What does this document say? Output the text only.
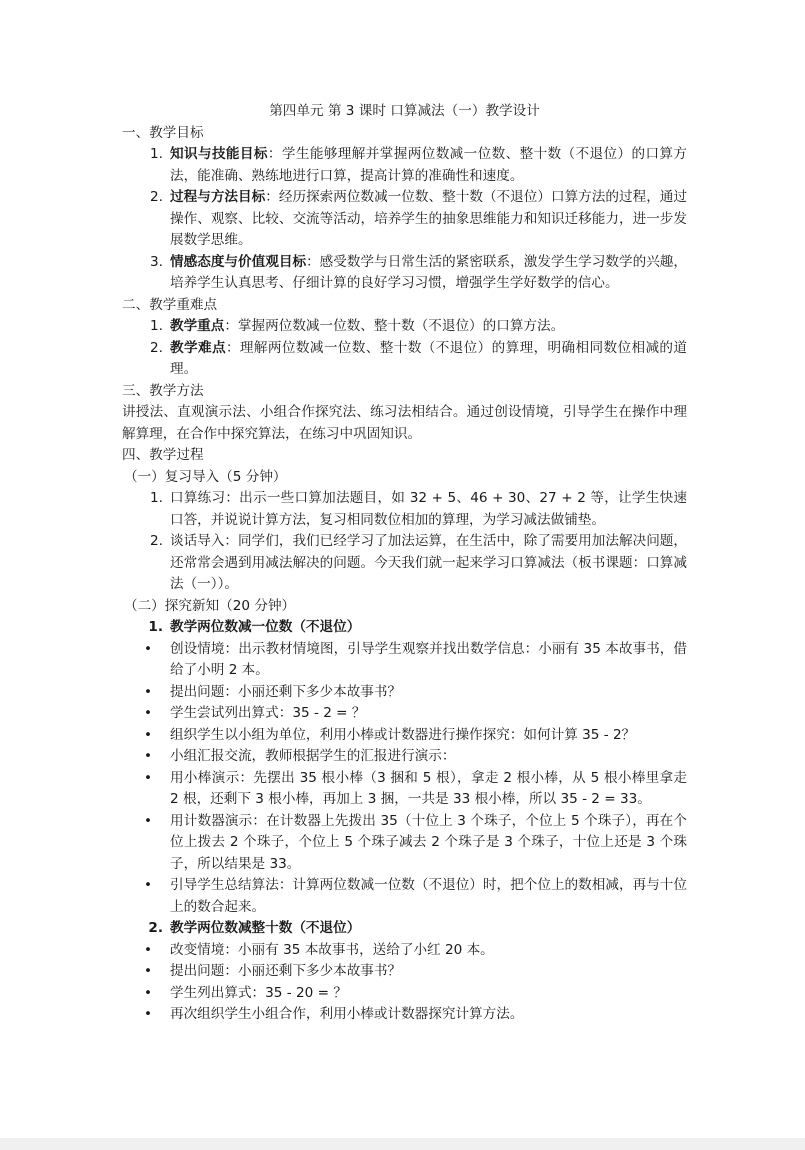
第四单元 第 3 课时 口算减法（一）教学设计
一、教学目标
1. 知识与技能目标：学生能够理解并掌握两位数减一位数、整十数（不退位）的口算方法，能准确、熟练地进行口算，提高计算的准确性和速度。
2. 过程与方法目标：经历探索两位数减一位数、整十数（不退位）口算方法的过程，通过操作、观察、比较、交流等活动，培养学生的抽象思维能力和知识迁移能力，进一步发展数学思维。
3. 情感态度与价值观目标：感受数学与日常生活的紧密联系，激发学生学习数学的兴趣，培养学生认真思考、仔细计算的良好学习习惯，增强学生学好数学的信心。
二、教学重难点
1. 教学重点：掌握两位数减一位数、整十数（不退位）的口算方法。
2. 教学难点：理解两位数减一位数、整十数（不退位）的算理，明确相同数位相减的道理。
三、教学方法
讲授法、直观演示法、小组合作探究法、练习法相结合。通过创设情境，引导学生在操作中理解算理，在合作中探究算法，在练习中巩固知识。
四、教学过程
（一）复习导入（5 分钟）
1. 口算练习：出示一些口算加法题目，如 32 + 5、46 + 30、27 + 2 等，让学生快速口答，并说说计算方法，复习相同数位相加的算理，为学习减法做铺垫。
2. 谈话导入：同学们，我们已经学习了加法运算，在生活中，除了需要用加法解决问题，还常常会遇到用减法解决的问题。今天我们就一起来学习口算减法（板书课题：口算减法（一））。
（二）探究新知（20 分钟）
1. 教学两位数减一位数（不退位）
•	创设情境：出示教材情境图，引导学生观察并找出数学信息：小丽有 35 本故事书，借给了小明 2 本。
•	提出问题：小丽还剩下多少本故事书？
•	学生尝试列出算式：35 - 2 = ？
•	组织学生以小组为单位，利用小棒或计数器进行操作探究：如何计算 35 - 2？
•	小组汇报交流，教师根据学生的汇报进行演示：
•	用小棒演示：先摆出 35 根小棒（3 捆和 5 根），拿走 2 根小棒，从 5 根小棒里拿走 2 根，还剩下 3 根小棒，再加上 3 捆，一共是 33 根小棒，所以 35 - 2 = 33。
•	用计数器演示：在计数器上先拨出 35（十位上 3 个珠子，个位上 5 个珠子），再在个位上拨去 2 个珠子，个位上 5 个珠子减去 2 个珠子是 3 个珠子，十位上还是 3 个珠子，所以结果是 33。
•	引导学生总结算法：计算两位数减一位数（不退位）时，把个位上的数相减，再与十位上的数合起来。
2. 教学两位数减整十数（不退位）
•	改变情境：小丽有 35 本故事书，送给了小红 20 本。
•	提出问题：小丽还剩下多少本故事书？
•	学生列出算式：35 - 20 = ？
•	再次组织学生小组合作，利用小棒或计数器探究计算方法。
